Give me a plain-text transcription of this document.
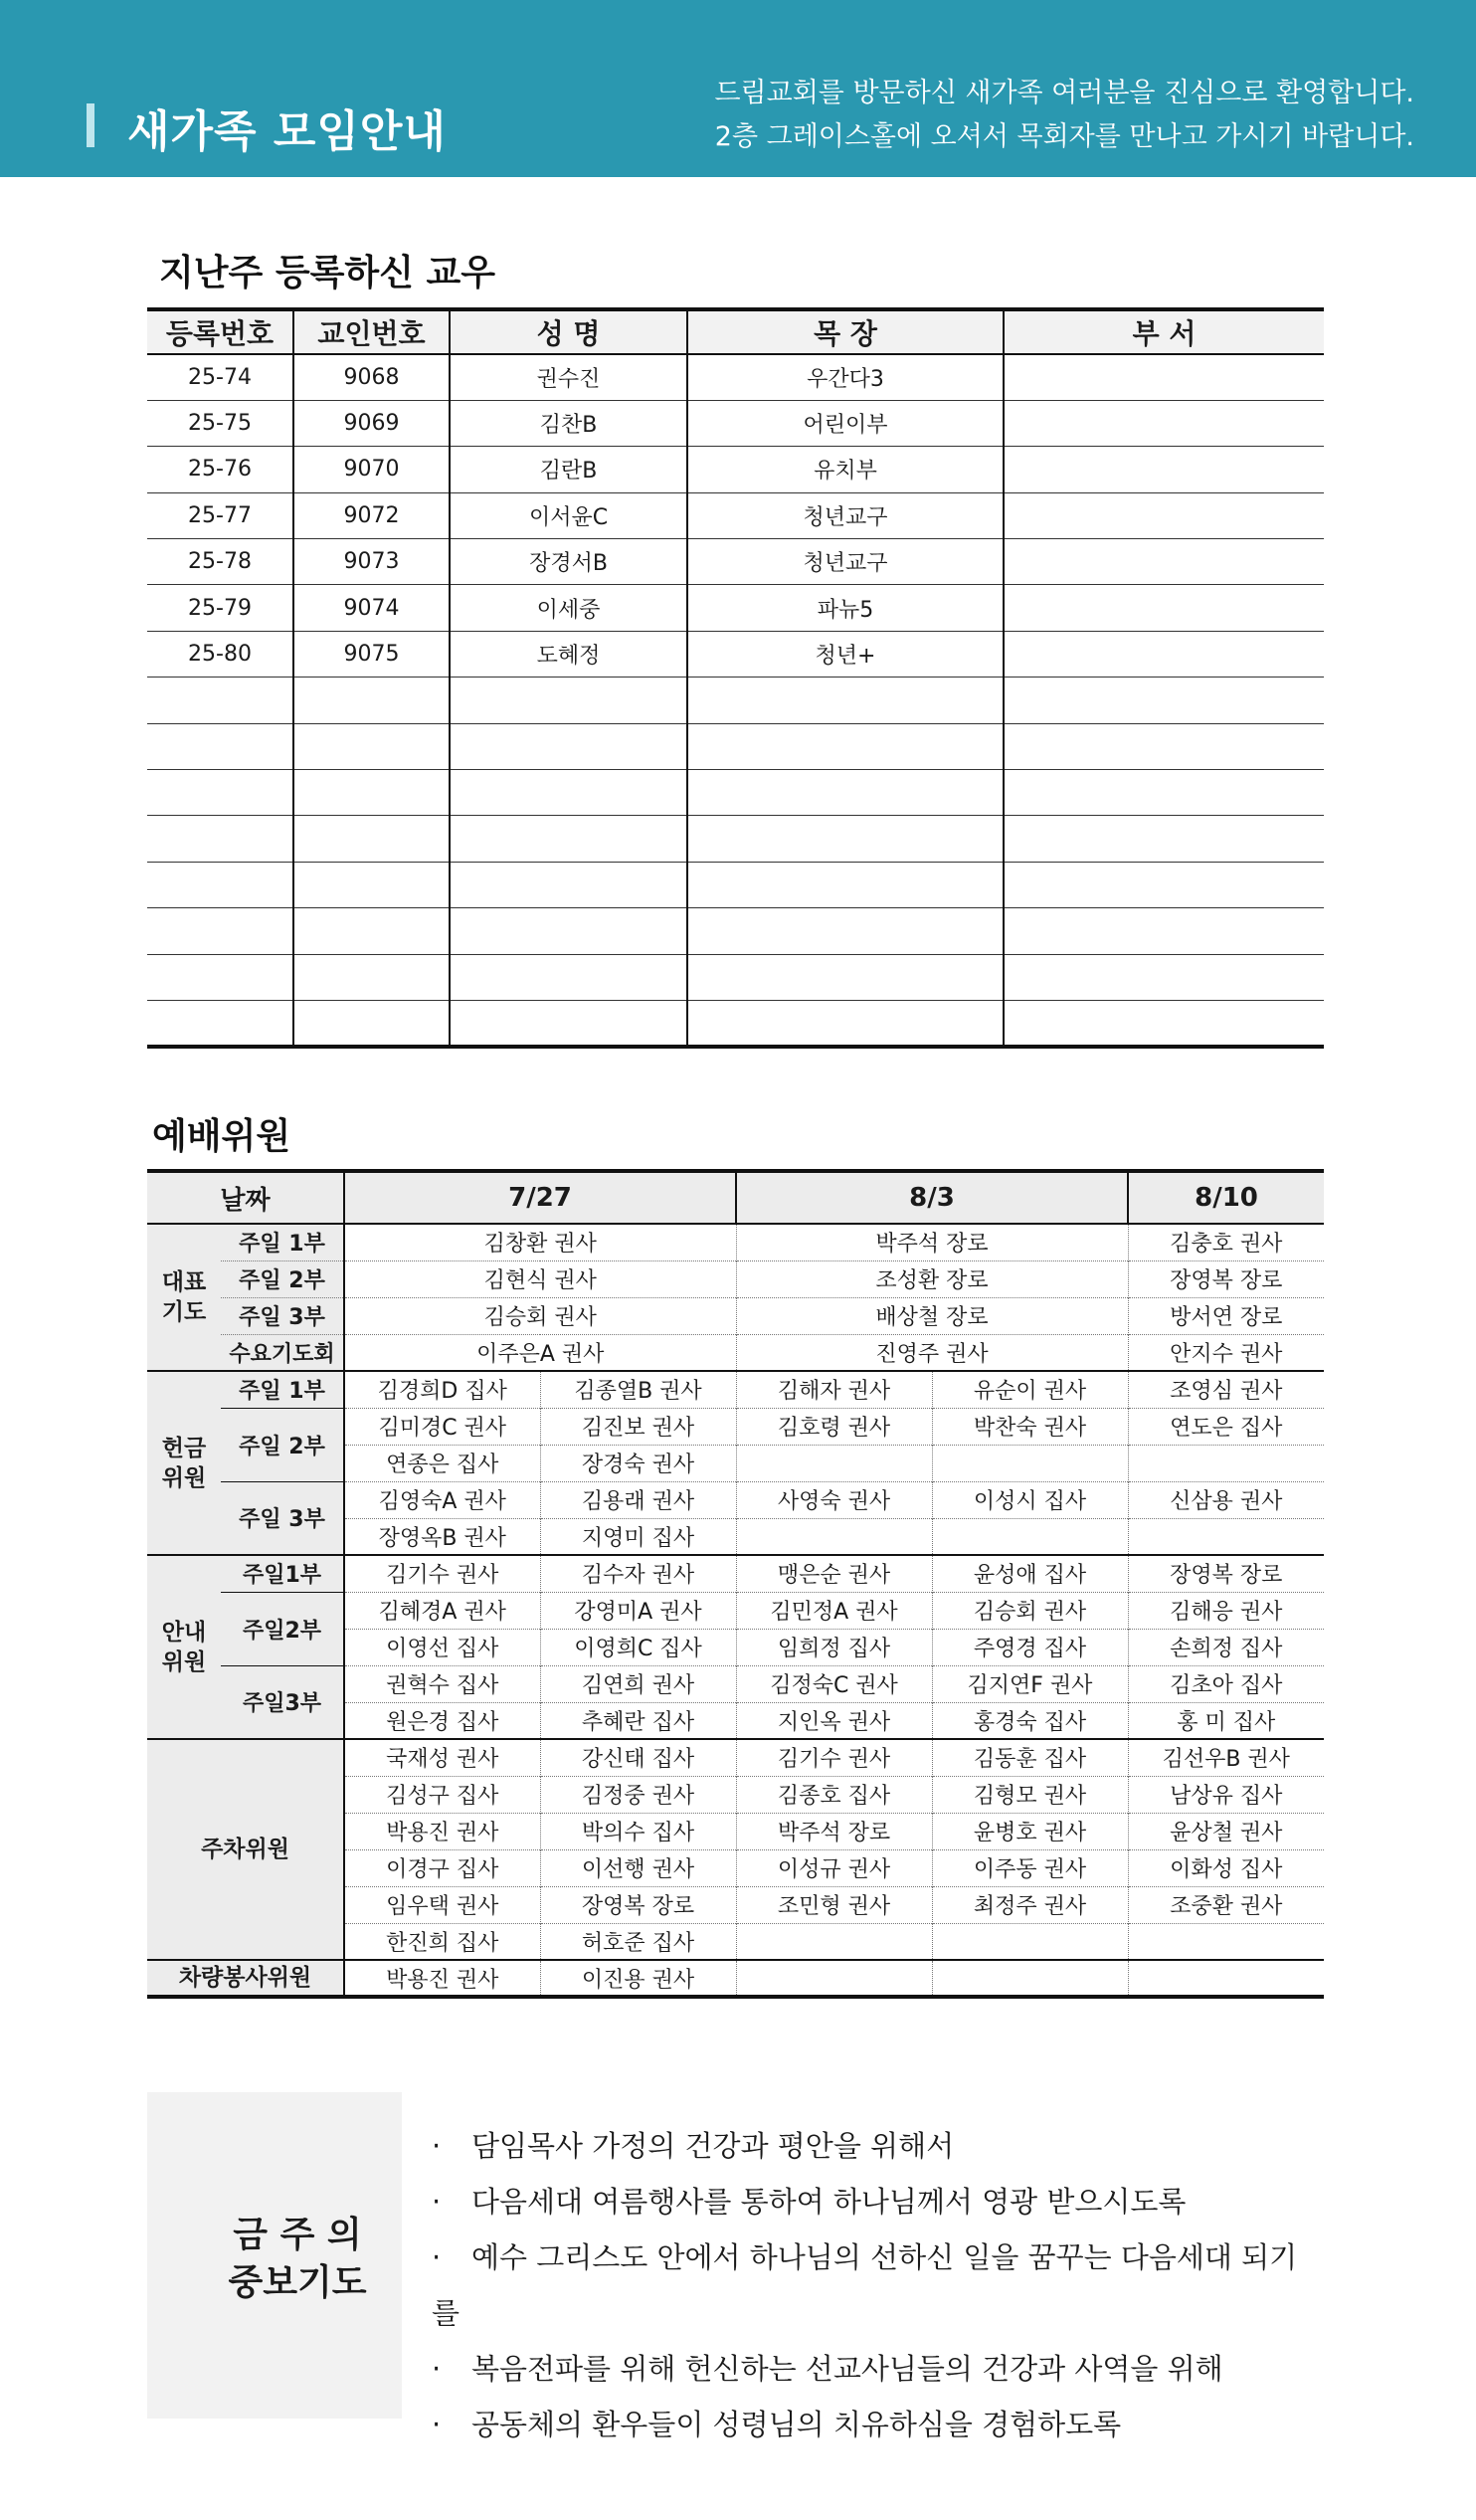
새가족 모임안내
드림교회를 방문하신 새가족 여러분을 진심으로 환영합니다.
2층 그레이스홀에 오셔서 목회자를 만나고 가시기 바랍니다.
지난주 등록하신 교우
등록번호	교인번호	성 명	목 장	부 서
25-74	9068	권수진	우간다3	
25-75	9069	김찬B	어린이부	
25-76	9070	김란B	유치부	
25-77	9072	이서윤C	청년교구	
25-78	9073	장경서B	청년교구	
25-79	9074	이세중	파뉴5	
25-80	9075	도혜정	청년+	

예배위원
날짜		7/27		8/3		8/10

대표
기도	주일 1부	김창환 권사		박주석 장로		김충호 권사
	주일 2부	김현식 권사		조성환 장로		장영복 장로
	주일 3부	김승회 권사		배상철 장로		방서연 장로
	수요기도회	이주은A 권사		진영주 권사		안지수 권사

헌금
위원	주일 1부	김경희D 집사	김종열B 권사	김해자 권사	유순이 권사	조영심 권사
	주일 2부	김미경C 권사	김진보 권사	김호령 권사	박찬숙 권사	연도은 집사
		연종은 집사	장경숙 권사			
	주일 3부	김영숙A 권사	김용래 권사	사영숙 권사	이성시 집사	신삼용 권사
		장영옥B 권사	지영미 집사			

안내
위원	주일1부	김기수 권사	김수자 권사	맹은순 권사	윤성애 집사	장영복 장로
	주일2부	김혜경A 권사	강영미A 권사	김민정A 권사	김승회 권사	김해응 권사
		이영선 집사	이영희C 집사	임희정 집사	주영경 집사	손희정 집사
	주일3부	권혁수 집사	김연희 권사	김정숙C 권사	김지연F 권사	김초아 집사
		원은경 집사	추혜란 집사	지인옥 권사	홍경숙 집사	홍 미 집사
주차위원		국재성 권사	강신태 집사	김기수 권사	김동훈 집사	김선우B 권사
		김성구 집사	김정중 권사	김종호 집사	김형모 권사	남상유 집사
		박용진 권사	박의수 집사	박주석 장로	윤병호 권사	윤상철 권사
		이경구 집사	이선행 권사	이성규 권사	이주동 권사	이화성 집사
		임우택 권사	장영복 장로	조민형 권사	최정주 권사	조중환 권사
		한진희 집사	허호준 집사			
차량봉사위원		박용진 권사	이진용 권사			
금 주 의
중보기도
· 담임목사 가정의 건강과 평안을 위해서
· 다음세대 여름행사를 통하여 하나님께서 영광 받으시도록
· 예수 그리스도 안에서 하나님의 선하신 일을 꿈꾸는 다음세대 되기를
· 복음전파를 위해 헌신하는 선교사님들의 건강과 사역을 위해
· 공동체의 환우들이 성령님의 치유하심을 경험하도록
